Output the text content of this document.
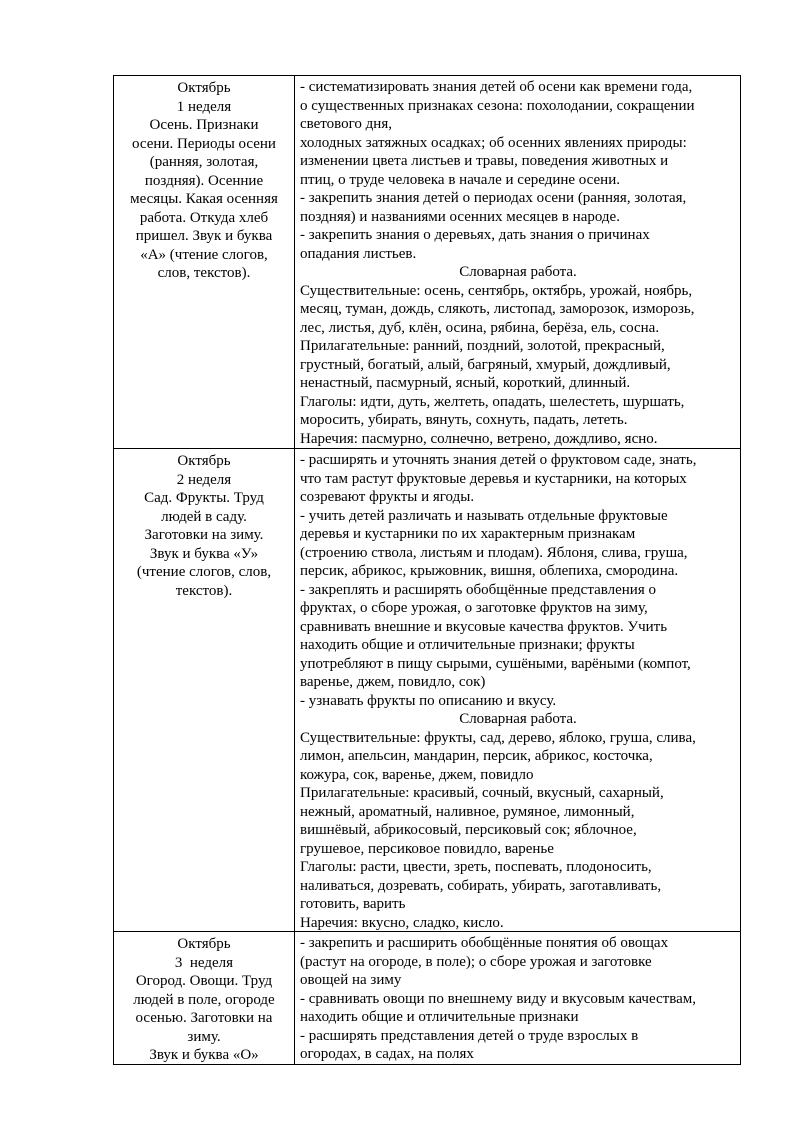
Октябрь
1 неделя
Осень. Признаки
осени. Периоды осени
(ранняя, золотая,
поздняя). Осенние
месяцы. Какая осенняя
работа. Откуда хлеб
пришел. Звук и буква
«А» (чтение слогов,
слов, текстов).

- систематизировать знания детей об осени как времени года,

о существенных признаках сезона: похолодании, сокращении

светового дня,

холодных затяжных осадках; об осенних явлениях природы:

изменении цвета листьев и травы, поведения животных и

птиц, о труде человека в начале и середине осени.

- закрепить знания детей о периодах осени (ранняя, золотая,

поздняя) и названиями осенних месяцев в народе.

- закрепить знания о деревьях, дать знания о причинах

опадания листьев.

Словарная работа.

Существительные: осень, сентябрь, октябрь, урожай, ноябрь,

месяц, туман, дождь, слякоть, листопад, заморозок, изморозь,

лес, листья, дуб, клён, осина, рябина, берёза, ель, сосна.

Прилагательные: ранний, поздний, золотой, прекрасный,

грустный, богатый, алый, багряный, хмурый, дождливый,

ненастный, пасмурный, ясный, короткий, длинный.

Глаголы: идти, дуть, желтеть, опадать, шелестеть, шуршать,

моросить, убирать, вянуть, сохнуть, падать, лететь.

Наречия: пасмурно, солнечно, ветрено, дождливо, ясно.

Октябрь
2 неделя
Сад. Фрукты. Труд
людей в саду.
Заготовки на зиму.
Звук и буква «У»
(чтение слогов, слов,
текстов).

- расширять и уточнять знания детей о фруктовом саде, знать,

что там растут фруктовые деревья и кустарники, на которых

созревают фрукты и ягоды.

- учить детей различать и называть отдельные фруктовые

деревья и кустарники по их характерным признакам

(строению ствола, листьям и плодам). Яблоня, слива, груша,

персик, абрикос, крыжовник, вишня, облепиха, смородина.

- закреплять и расширять обобщённые представления о

фруктах, о сборе урожая, о заготовке фруктов на зиму,

сравнивать внешние и вкусовые качества фруктов. Учить

находить общие и отличительные признаки; фрукты

употребляют в пищу сырыми, сушёными, варёными (компот,

варенье, джем, повидло, сок)

- узнавать фрукты по описанию и вкусу.

Словарная работа.

Существительные: фрукты, сад, дерево, яблоко, груша, слива,

лимон, апельсин, мандарин, персик, абрикос, косточка,

кожура, сок, варенье, джем, повидло

Прилагательные: красивый, сочный, вкусный, сахарный,

нежный, ароматный, наливное, румяное, лимонный,

вишнёвый, абрикосовый, персиковый сок; яблочное,

грушевое, персиковое повидло, варенье

Глаголы: расти, цвести, зреть, поспевать, плодоносить,

наливаться, дозревать, собирать, убирать, заготавливать,

готовить, варить

Наречия: вкусно, сладко, кисло.

Октябрь
3  неделя
Огород. Овощи. Труд
людей в поле, огороде
осенью. Заготовки на
зиму.
Звук и буква «О»

- закрепить и расширить обобщённые понятия об овощах

(растут на огороде, в поле); о сборе урожая и заготовке

овощей на зиму

- сравнивать овощи по внешнему виду и вкусовым качествам,

находить общие и отличительные признаки

- расширять представления детей о труде взрослых в

огородах, в садах, на полях
